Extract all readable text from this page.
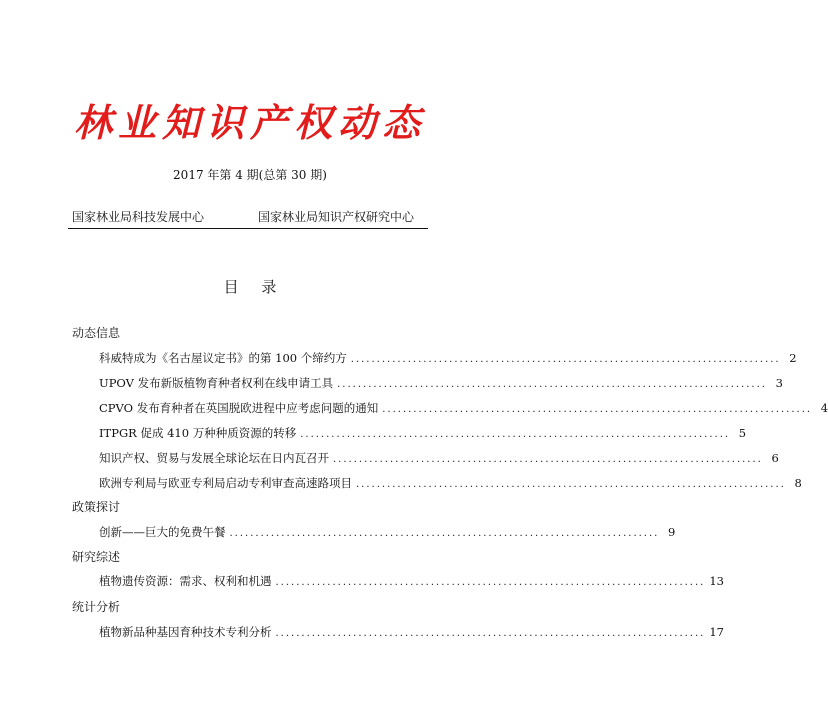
林业知识产权动态
2017 年第 4 期(总第 30 期)
国家林业局科技发展中心	国家林业局知识产权研究中心
目 录
动态信息
科威特成为《名古屋议定书》的第 100 个缔约方 ................................................................................... 2
UPOV 发布新版植物育种者权利在线申请工具 ................................................................................... 3
CPVO 发布育种者在英国脱欧进程中应考虑问题的通知 ................................................................................... 4
ITPGR 促成 410 万种种质资源的转移 ................................................................................... 5
知识产权、贸易与发展全球论坛在日内瓦召开 ................................................................................... 6
欧洲专利局与欧亚专利局启动专利审查高速路项目 ................................................................................... 8
政策探讨
创新——巨大的免费午餐 ................................................................................... 9
研究综述
植物遗传资源：需求、权利和机遇 ................................................................................... 13
统计分析
植物新品种基因育种技术专利分析 ................................................................................... 17
